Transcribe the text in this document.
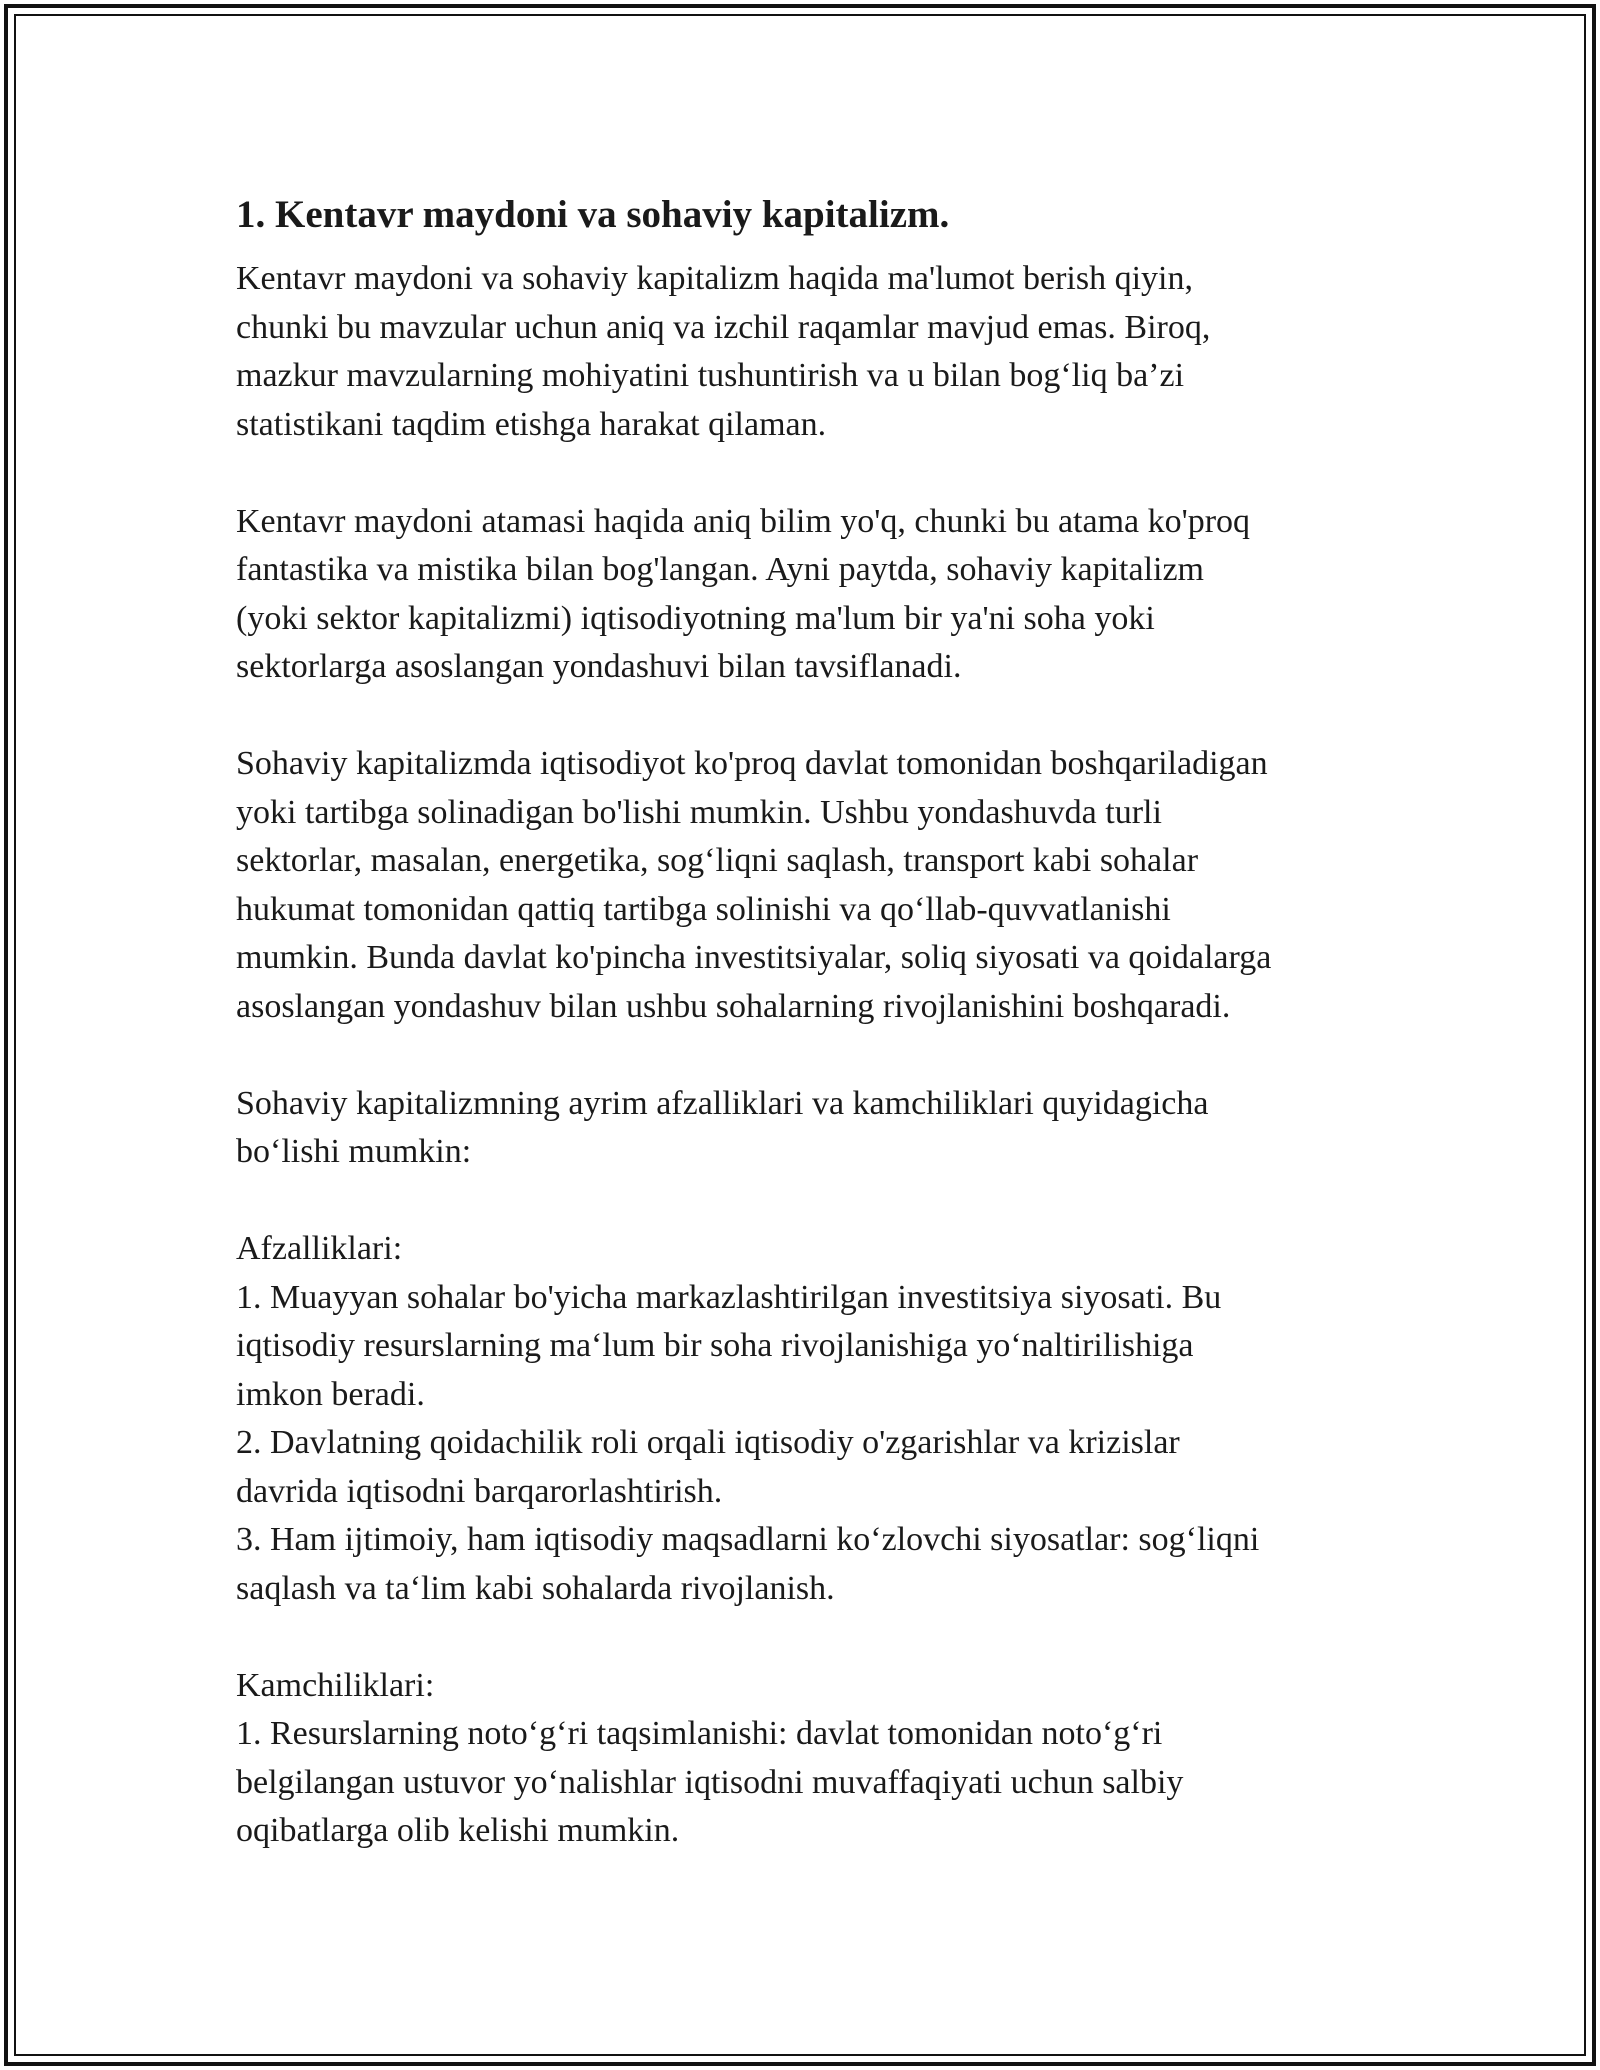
1. Kentavr maydoni va sohaviy kapitalizm.

Kentavr maydoni va sohaviy kapitalizm haqida ma'lumot berish qiyin,
chunki bu mavzular uchun aniq va izchil raqamlar mavjud emas. Biroq,
mazkur mavzularning mohiyatini tushuntirish va u bilan bog‘liq ba’zi
statistikani taqdim etishga harakat qilaman.

Kentavr maydoni atamasi haqida aniq bilim yo'q, chunki bu atama ko'proq
fantastika va mistika bilan bog'langan. Ayni paytda, sohaviy kapitalizm
(yoki sektor kapitalizmi) iqtisodiyotning ma'lum bir ya'ni soha yoki
sektorlarga asoslangan yondashuvi bilan tavsiflanadi.

Sohaviy kapitalizmda iqtisodiyot ko'proq davlat tomonidan boshqariladigan
yoki tartibga solinadigan bo'lishi mumkin. Ushbu yondashuvda turli
sektorlar, masalan, energetika, sog‘liqni saqlash, transport kabi sohalar
hukumat tomonidan qattiq tartibga solinishi va qo‘llab-quvvatlanishi
mumkin. Bunda davlat ko'pincha investitsiyalar, soliq siyosati va qoidalarga
asoslangan yondashuv bilan ushbu sohalarning rivojlanishini boshqaradi.

Sohaviy kapitalizmning ayrim afzalliklari va kamchiliklari quyidagicha
bo‘lishi mumkin:

Afzalliklari:
1. Muayyan sohalar bo'yicha markazlashtirilgan investitsiya siyosati. Bu
iqtisodiy resurslarning ma‘lum bir soha rivojlanishiga yo‘naltirilishiga
imkon beradi.
2. Davlatning qoidachilik roli orqali iqtisodiy o'zgarishlar va krizislar
davrida iqtisodni barqarorlashtirish.
3. Ham ijtimoiy, ham iqtisodiy maqsadlarni ko‘zlovchi siyosatlar: sog‘liqni
saqlash va ta‘lim kabi sohalarda rivojlanish.

Kamchiliklari:
1. Resurslarning noto‘g‘ri taqsimlanishi: davlat tomonidan noto‘g‘ri
belgilangan ustuvor yo‘nalishlar iqtisodni muvaffaqiyati uchun salbiy
oqibatlarga olib kelishi mumkin.
